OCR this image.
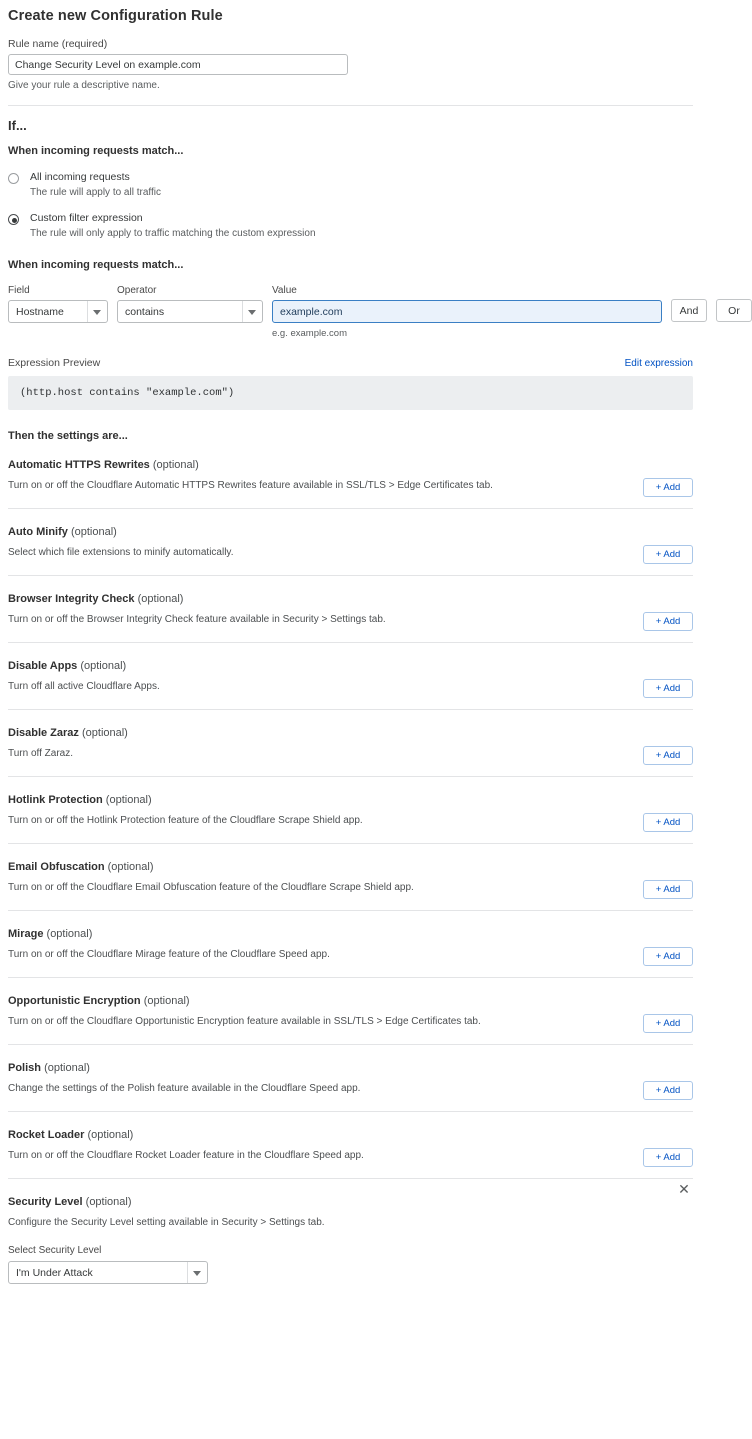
Create new Configuration Rule
Rule name (required)
Change Security Level on example.com
Give your rule a descriptive name.
If...
When incoming requests match...
All incoming requests
The rule will apply to all traffic
Custom filter expression
The rule will only apply to traffic matching the custom expression
When incoming requests match...
Field
Hostname
Operator
contains
Value
example.com
e.g. example.com
And	Or
Expression Preview	Edit expression
(http.host contains "example.com")
Then the settings are...
Automatic HTTPS Rewrites (optional)
Turn on or off the Cloudflare Automatic HTTPS Rewrites feature available in SSL/TLS > Edge Certificates tab.	+ Add
Auto Minify (optional)
Select which file extensions to minify automatically.	+ Add
Browser Integrity Check (optional)
Turn on or off the Browser Integrity Check feature available in Security > Settings tab.	+ Add
Disable Apps (optional)
Turn off all active Cloudflare Apps.	+ Add
Disable Zaraz (optional)
Turn off Zaraz.	+ Add
Hotlink Protection (optional)
Turn on or off the Hotlink Protection feature of the Cloudflare Scrape Shield app.	+ Add
Email Obfuscation (optional)
Turn on or off the Cloudflare Email Obfuscation feature of the Cloudflare Scrape Shield app.	+ Add
Mirage (optional)
Turn on or off the Cloudflare Mirage feature of the Cloudflare Speed app.	+ Add
Opportunistic Encryption (optional)
Turn on or off the Cloudflare Opportunistic Encryption feature available in SSL/TLS > Edge Certificates tab.	+ Add
Polish (optional)
Change the settings of the Polish feature available in the Cloudflare Speed app.	+ Add
Rocket Loader (optional)
Turn on or off the Cloudflare Rocket Loader feature in the Cloudflare Speed app.	+ Add
✕
Security Level (optional)
Configure the Security Level setting available in Security > Settings tab.
Select Security Level
I'm Under Attack
